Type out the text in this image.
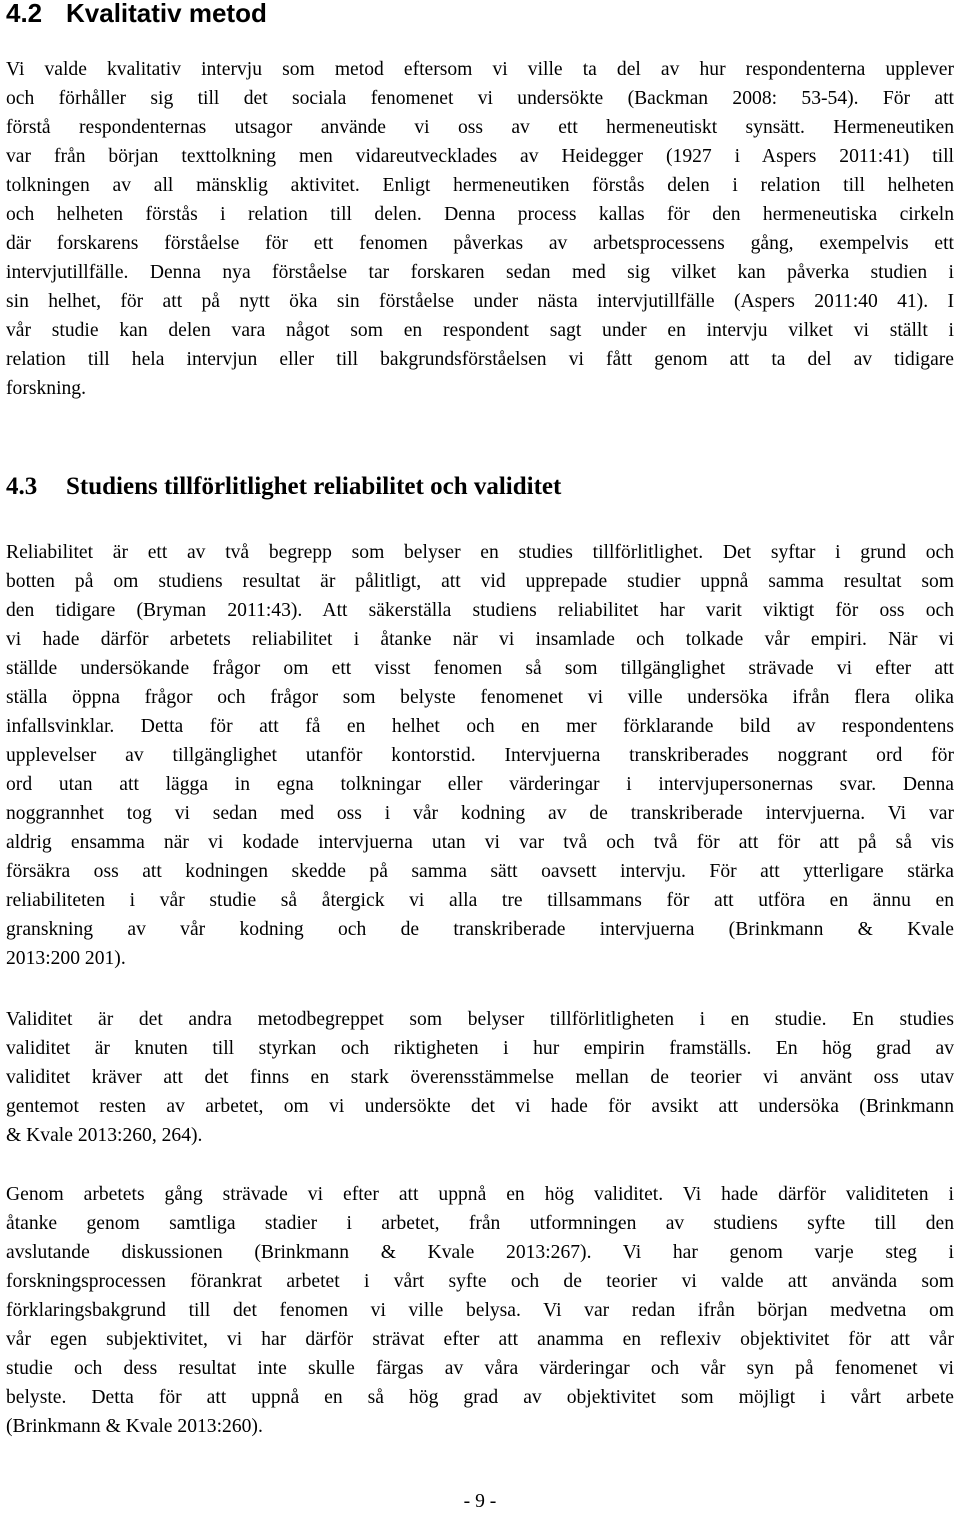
4.2 Kvalitativ metod

Vi valde kvalitativ intervju som metod eftersom vi ville ta del av hur respondenterna upplever
och förhåller sig till det sociala fenomenet vi undersökte (Backman 2008: 53-54). För att
förstå respondenternas utsagor använde vi oss av ett hermeneutiskt synsätt. Hermeneutiken
var från början texttolkning men vidareutvecklades av Heidegger (1927 i Aspers 2011:41) till
tolkningen av all mänsklig aktivitet. Enligt hermeneutiken förstås delen i relation till helheten
och helheten förstås i relation till delen. Denna process kallas för den hermeneutiska cirkeln
där forskarens förståelse för ett fenomen påverkas av arbetsprocessens gång, exempelvis ett
intervjutillfälle. Denna nya förståelse tar forskaren sedan med sig vilket kan påverka studien i
sin helhet, för att på nytt öka sin förståelse under nästa intervjutillfälle (Aspers 2011:40 41). I
vår studie kan delen vara något som en respondent sagt under en intervju vilket vi ställt i
relation till hela intervjun eller till bakgrundsförståelsen vi fått genom att ta del av tidigare
forskning.

4.3 Studiens tillförlitlighet reliabilitet och validitet

Reliabilitet är ett av två begrepp som belyser en studies tillförlitlighet. Det syftar i grund och
botten på om studiens resultat är pålitligt, att vid upprepade studier uppnå samma resultat som
den tidigare (Bryman 2011:43). Att säkerställa studiens reliabilitet har varit viktigt för oss och
vi hade därför arbetets reliabilitet i åtanke när vi insamlade och tolkade vår empiri. När vi
ställde undersökande frågor om ett visst fenomen så som tillgänglighet strävade vi efter att
ställa öppna frågor och frågor som belyste fenomenet vi ville undersöka ifrån flera olika
infallsvinklar. Detta för att få en helhet och en mer förklarande bild av respondentens
upplevelser av tillgänglighet utanför kontorstid. Intervjuerna transkriberades noggrant ord för
ord utan att lägga in egna tolkningar eller värderingar i intervjupersonernas svar. Denna
noggrannhet tog vi sedan med oss i vår kodning av de transkriberade intervjuerna. Vi var
aldrig ensamma när vi kodade intervjuerna utan vi var två och två för att för att på så vis
försäkra oss att kodningen skedde på samma sätt oavsett intervju. För att ytterligare stärka
reliabiliteten i vår studie så återgick vi alla tre tillsammans för att utföra en ännu en
granskning av vår kodning och de transkriberade intervjuerna (Brinkmann & Kvale
2013:200 201).

Validitet är det andra metodbegreppet som belyser tillförlitligheten i en studie. En studies
validitet är knuten till styrkan och riktigheten i hur empirin framställs. En hög grad av
validitet kräver att det finns en stark överensstämmelse mellan de teorier vi använt oss utav
gentemot resten av arbetet, om vi undersökte det vi hade för avsikt att undersöka (Brinkmann
& Kvale 2013:260, 264).

Genom arbetets gång strävade vi efter att uppnå en hög validitet. Vi hade därför validiteten i
åtanke genom samtliga stadier i arbetet, från utformningen av studiens syfte till den
avslutande diskussionen (Brinkmann & Kvale 2013:267). Vi har genom varje steg i
forskningsprocessen förankrat arbetet i vårt syfte och de teorier vi valde att använda som
förklaringsbakgrund till det fenomen vi ville belysa. Vi var redan ifrån början medvetna om
vår egen subjektivitet, vi har därför strävat efter att anamma en reflexiv objektivitet för att vår
studie och dess resultat inte skulle färgas av våra värderingar och vår syn på fenomenet vi
belyste. Detta för att uppnå en så hög grad av objektivitet som möjligt i vårt arbete
(Brinkmann & Kvale 2013:260).

- 9 -
